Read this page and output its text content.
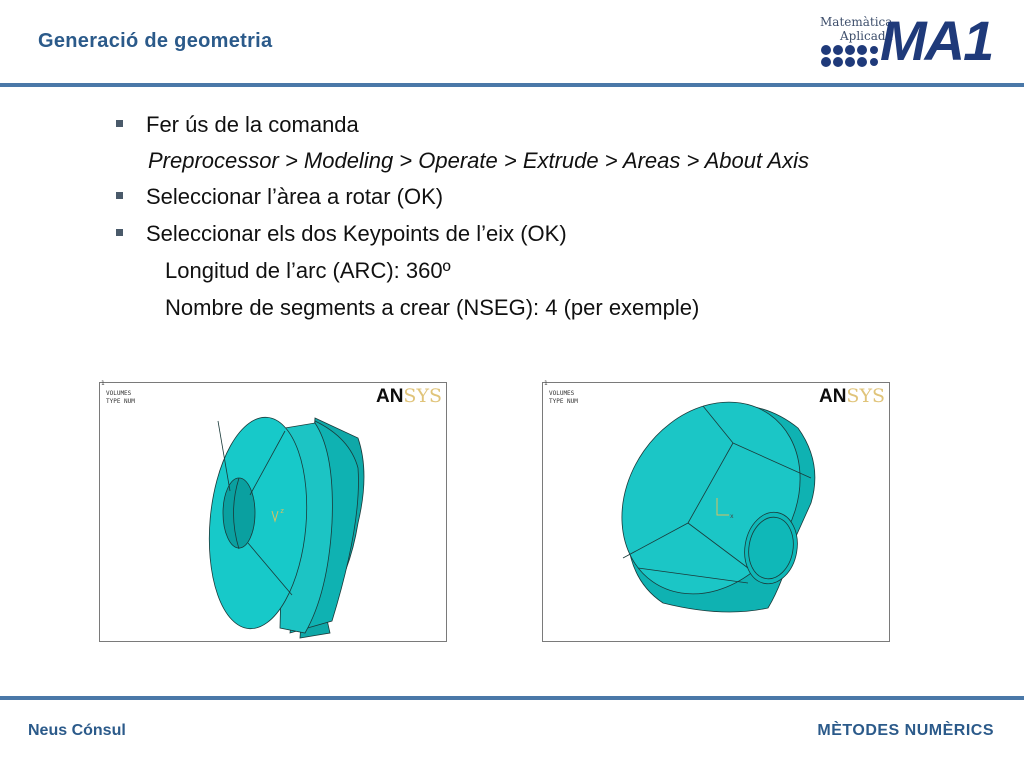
Generació de geometria
Matemàtica
Aplicada
MA1
Fer ús de la comanda
Preprocessor > Modeling > Operate > Extrude > Areas > About Axis
Seleccionar l’àrea a rotar (OK)
Seleccionar els dos Keypoints de l’eix (OK)
Longitud de l’arc (ARC): 360º
Nombre de segments a crear (NSEG): 4 (per exemple)
1
VOLUMES
TYPE NUM	ANSYS
z
1
VOLUMES
TYPE NUM	ANSYS
x
Neus Cónsul	MÈTODES NUMÈRICS
